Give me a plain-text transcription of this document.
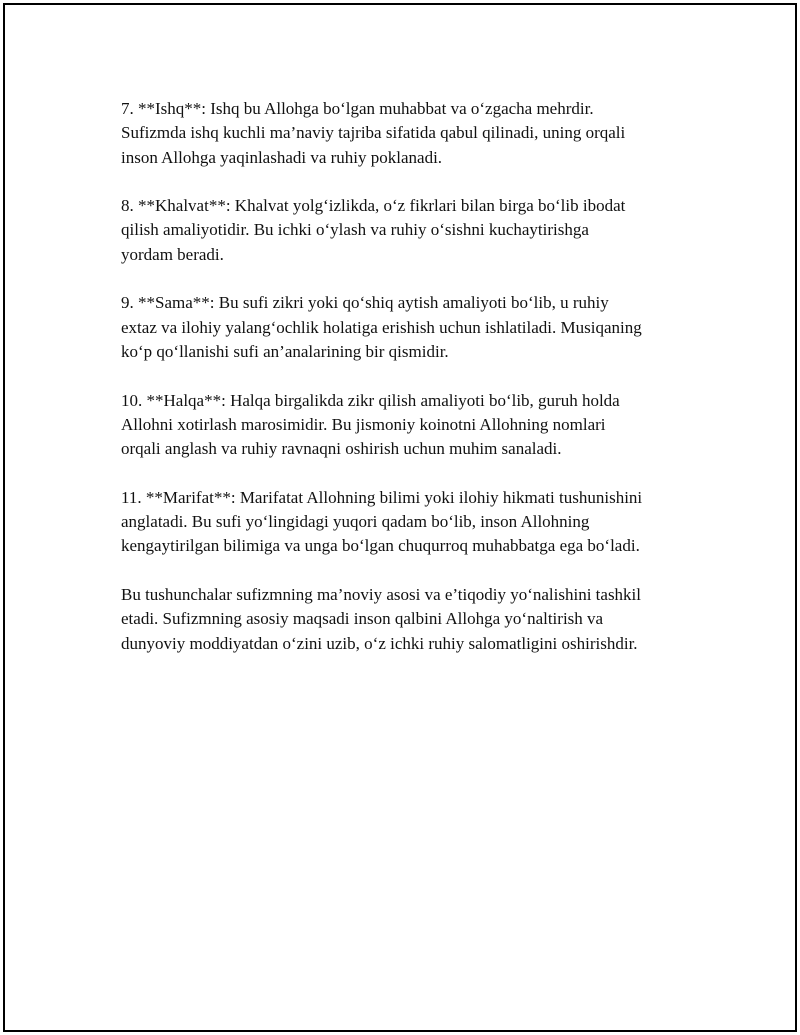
7. **Ishq**: Ishq bu Allohga bo‘lgan muhabbat va o‘zgacha mehrdir.
Sufizmda ishq kuchli ma’naviy tajriba sifatida qabul qilinadi, uning orqali
inson Allohga yaqinlashadi va ruhiy poklanadi.

8. **Khalvat**: Khalvat yolg‘izlikda, o‘z fikrlari bilan birga bo‘lib ibodat
qilish amaliyotidir. Bu ichki o‘ylash va ruhiy o‘sishni kuchaytirishga
yordam beradi.

9. **Sama**: Bu sufi zikri yoki qo‘shiq aytish amaliyoti bo‘lib, u ruhiy
extaz va ilohiy yalang‘ochlik holatiga erishish uchun ishlatiladi. Musiqaning
ko‘p qo‘llanishi sufi an’analarining bir qismidir.

10. **Halqa**: Halqa birgalikda zikr qilish amaliyoti bo‘lib, guruh holda
Allohni xotirlash marosimidir. Bu jismoniy koinotni Allohning nomlari
orqali anglash va ruhiy ravnaqni oshirish uchun muhim sanaladi.

11. **Marifat**: Marifatat Allohning bilimi yoki ilohiy hikmati tushunishini
anglatadi. Bu sufi yo‘lingidagi yuqori qadam bo‘lib, inson Allohning
kengaytirilgan bilimiga va unga bo‘lgan chuqurroq muhabbatga ega bo‘ladi.

Bu tushunchalar sufizmning ma’noviy asosi va e’tiqodiy yo‘nalishini tashkil
etadi. Sufizmning asosiy maqsadi inson qalbini Allohga yo‘naltirish va
dunyoviy moddiyatdan o‘zini uzib, o‘z ichki ruhiy salomatligini oshirishdir.
